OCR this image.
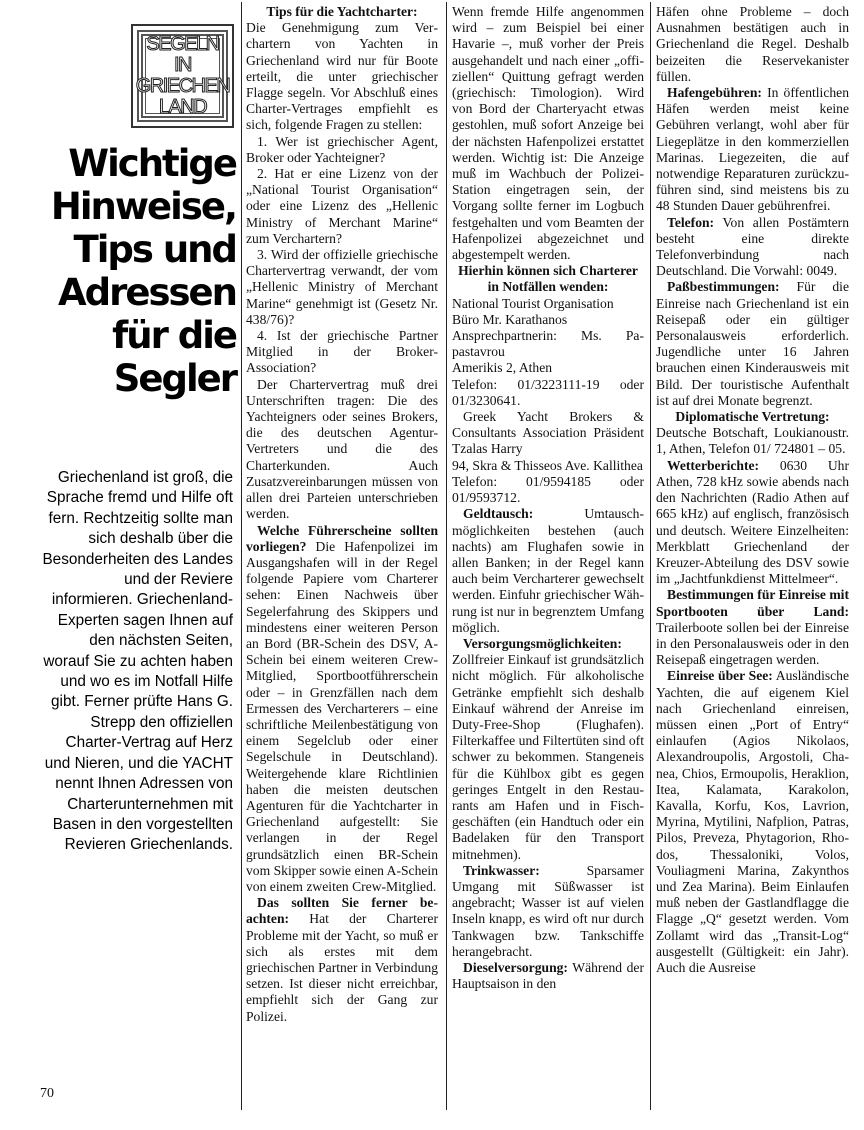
SEGELN IN
GRIECHEN
LAND
Wichtige
Hinweise,
Tips und
Adressen
für die
Segler
Griechenland ist groß, die Sprache fremd und Hilfe oft fern. Rechtzeitig sollte man sich deshalb über die Besonderheiten des Landes und der Reviere informieren. Griechenland-Experten sagen Ihnen auf den nächsten Seiten, worauf Sie zu achten haben und wo es im Notfall Hilfe gibt. Ferner prüfte Hans G. Strepp den offiziellen Charter-Vertrag auf Herz und Nieren, und die YACHT nennt Ihnen Adressen von Charterunternehmen mit Basen in den vorgestellten Revieren Griechenlands.
70

Tips für die Yachtcharter:

Die Genehmigung zum Verchartern von Yachten in Griechenland wird nur für Boote erteilt, die unter griechischer Flagge segeln. Vor Abschluß eines Charter-Vertrages empfiehlt es sich, folgende Fragen zu stellen:

1. Wer ist griechischer Agent, Broker oder Yachteigner?

2. Hat er eine Lizenz von der „National Tourist Organisation“ oder eine Lizenz des „Hellenic Ministry of Merchant Marine“ zum Verchartern?

3. Wird der offizielle griechische Chartervertrag verwandt, der vom „Hellenic Ministry of Merchant Marine“ genehmigt ist (Gesetz Nr. 438/76)?

4. Ist der griechische Partner Mitglied in der Broker-Association?

Der Chartervertrag muß drei Unterschriften tragen: Die des Yachteigners oder seines Brokers, die des deutschen Agentur-Vertreters und die des Charterkunden. Auch Zusatzvereinbarungen müssen von allen drei Parteien unterschrieben werden.

Welche Führerscheine sollten vorliegen? Die Hafenpolizei im Ausgangshafen will in der Regel folgende Papiere vom Charterer sehen: Einen Nachweis über Segelerfahrung des Skippers und mindestens einer weiteren Person an Bord (BR-Schein des DSV, A-Schein bei einem weiteren Crew-Mitglied, Sportbootführerschein oder – in Grenzfällen nach dem Ermessen des Vercharterers – eine schriftliche Meilenbestätigung von einem Segelclub oder einer Segelschule in Deutschland). Weitergehende klare Richtlinien haben die meisten deutschen Agenturen für die Yachtcharter in Griechenland aufgestellt: Sie verlangen in der Regel grundsätzlich einen BR-Schein vom Skipper sowie einen A-Schein von einem zweiten Crew-Mitglied.

Das sollten Sie ferner beachten: Hat der Charterer Probleme mit der Yacht, so muß er sich als erstes mit dem griechischen Partner in Verbindung setzen. Ist dieser nicht erreichbar, empfiehlt sich der Gang zur Polizei.

Wenn fremde Hilfe angenommen wird – zum Beispiel bei einer Havarie –, muß vorher der Preis ausgehandelt und nach einer „offiziellen“ Quittung gefragt werden (griechisch: Timologion). Wird von Bord der Charteryacht etwas gestohlen, muß sofort Anzeige bei der nächsten Hafenpolizei erstattet werden. Wichtig ist: Die Anzeige muß im Wachbuch der Polizei-Station eingetragen sein, der Vorgang sollte ferner im Logbuch festgehalten und vom Beamten der Hafenpolizei abgezeichnet und abgestempelt werden.

Hierhin können sich Charterer in Notfällen wenden:

National Tourist Organisation

Büro Mr. Karathanos

Ansprechpartnerin: Ms. Papastavrou

Amerikis 2, Athen

Telefon: 01/3223111-19 oder 01/3230641.

Greek Yacht Brokers & Consultants Association Präsident Tzalas Harry

94, Skra & Thisseos Ave. Kallithea

Telefon: 01/9594185 oder 01/9593712.

Geldtausch: Umtauschmöglichkeiten bestehen (auch nachts) am Flughafen sowie in allen Banken; in der Regel kann auch beim Vercharterer gewechselt werden. Einfuhr griechischer Währung ist nur in begrenztem Umfang möglich.

Versorgungsmöglichkeiten: Zollfreier Einkauf ist grundsätzlich nicht möglich. Für alkoholische Getränke empfiehlt sich deshalb Einkauf während der Anreise im Duty-Free-Shop (Flughafen). Filterkaffee und Filtertüten sind oft schwer zu bekommen. Stangeneis für die Kühlbox gibt es gegen geringes Entgelt in den Restaurants am Hafen und in Fischgeschäften (ein Handtuch oder ein Badelaken für den Transport mitnehmen).

Trinkwasser: Sparsamer Umgang mit Süßwasser ist angebracht; Wasser ist auf vielen Inseln knapp, es wird oft nur durch Tankwagen bzw. Tankschiffe herangebracht.

Dieselversorgung: Während der Hauptsaison in den

Häfen ohne Probleme – doch Ausnahmen bestätigen auch in Griechenland die Regel. Deshalb beizeiten die Reservekanister füllen.

Hafengebühren: In öffentlichen Häfen werden meist keine Gebühren verlangt, wohl aber für Liegeplätze in den kommerziellen Marinas. Liegezeiten, die auf notwendige Reparaturen zurückzuführen sind, sind meistens bis zu 48 Stunden Dauer gebührenfrei.

Telefon: Von allen Postämtern besteht eine direkte Telefonverbindung nach Deutschland. Die Vorwahl: 0049.

Paßbestimmungen: Für die Einreise nach Griechenland ist ein Reisepaß oder ein gültiger Personalausweis erforderlich. Jugendliche unter 16 Jahren brauchen einen Kinderausweis mit Bild. Der touristische Aufenthalt ist auf drei Monate begrenzt.

Diplomatische Vertretung:

Deutsche Botschaft, Loukianoustr. 1, Athen, Telefon 01/ 724801 – 05.

Wetterberichte: 0630 Uhr Athen, 728 kHz sowie abends nach den Nachrichten (Radio Athen auf 665 kHz) auf englisch, französisch und deutsch. Weitere Einzelheiten: Merkblatt Griechenland der Kreuzer-Abteilung des DSV sowie im „Jachtfunkdienst Mittelmeer“.

Bestimmungen für Einreise mit Sportbooten über Land: Trailerboote sollen bei der Einreise in den Personalausweis oder in den Reisepaß eingetragen werden.

Einreise über See: Ausländische Yachten, die auf eigenem Kiel nach Griechenland einreisen, müssen einen „Port of Entry“ einlaufen (Agios Nikolaos, Alexandroupolis, Argostoli, Chanea, Chios, Ermoupolis, Heraklion, Itea, Kalamata, Karakolon, Kavalla, Korfu, Kos, Lavrion, Myrina, Mytilini, Nafplion, Patras, Pilos, Preveza, Phytagorion, Rhodos, Thessaloniki, Volos, Vouliagmeni Marina, Zakynthos und Zea Marina). Beim Einlaufen muß neben der Gastlandflagge die Flagge „Q“ gesetzt werden. Vom Zollamt wird das „Transit-Log“ ausgestellt (Gültigkeit: ein Jahr). Auch die Ausreise
